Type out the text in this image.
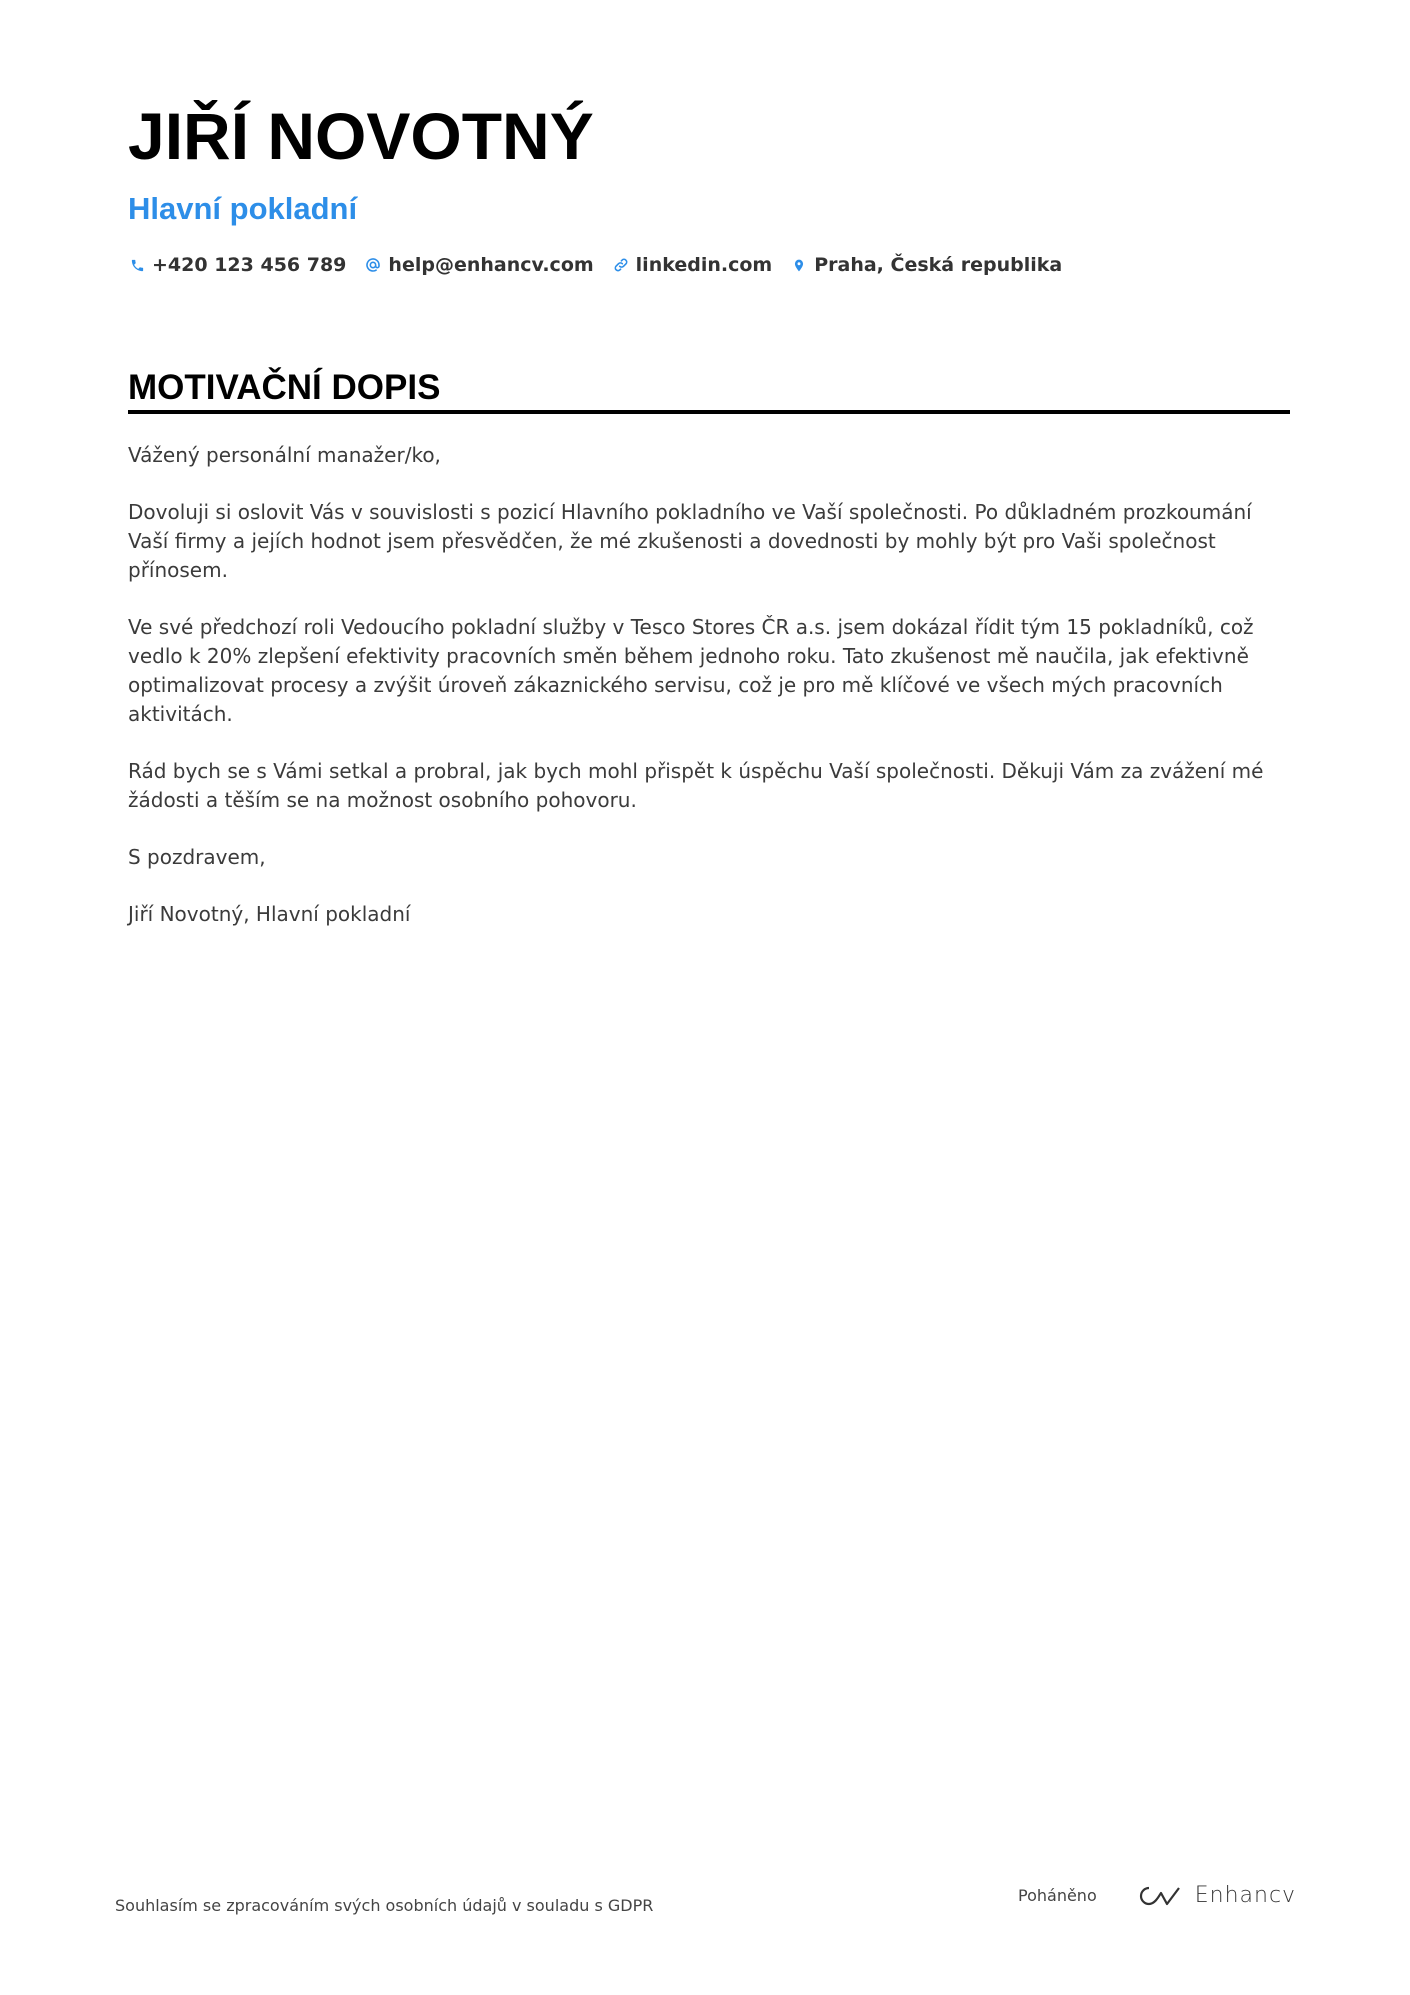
JIŘÍ NOVOTNÝ
Hlavní pokladní
+420 123 456 789 help@enhancv.com linkedin.com Praha, Česká republika
MOTIVAČNÍ DOPIS

Vážený personální manažer/ko,

Dovoluji si oslovit Vás v souvislosti s pozicí Hlavního pokladního ve Vaší společnosti. Po důkladném prozkoumání Vaší firmy a jejích hodnot jsem přesvědčen, že mé zkušenosti a dovednosti by mohly být pro Vaši společnost přínosem.

Ve své předchozí roli Vedoucího pokladní služby v Tesco Stores ČR a.s. jsem dokázal řídit tým 15 pokladníků, což vedlo k 20% zlepšení efektivity pracovních směn během jednoho roku. Tato zkušenost mě naučila, jak efektivně optimalizovat procesy a zvýšit úroveň zákaznického servisu, což je pro mě klíčové ve všech mých pracovních aktivitách.

Rád bych se s Vámi setkal a probral, jak bych mohl přispět k úspěchu Vaší společnosti. Děkuji Vám za zvážení mé žádosti a těším se na možnost osobního pohovoru.

S pozdravem,

Jiří Novotný, Hlavní pokladní

Souhlasím se zpracováním svých osobních údajů v souladu s GDPR
Poháněno	Enhancv
